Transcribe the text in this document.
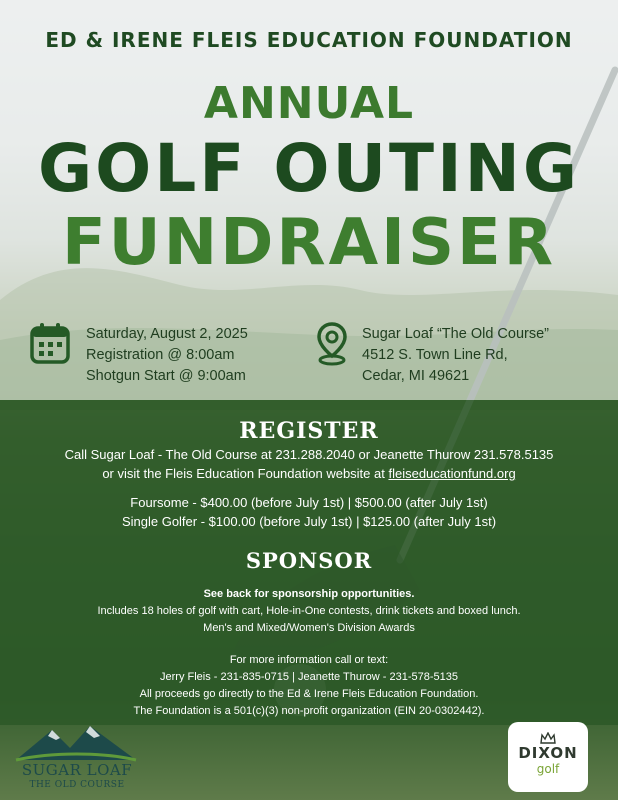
ED & IRENE FLEIS EDUCATION FOUNDATION
ANNUAL
GOLF OUTING
FUNDRAISER
Saturday, August 2, 2025
Registration @ 8:00am
Shotgun Start @ 9:00am
Sugar Loaf “The Old Course”
4512 S. Town Line Rd,
Cedar, MI 49621
REGISTER
Call Sugar Loaf - The Old Course at 231.288.2040 or Jeanette Thurow 231.578.5135
or visit the Fleis Education Foundation website at fleiseducationfund.org
Foursome - $400.00 (before July 1st) | $500.00 (after July 1st)
Single Golfer - $100.00 (before July 1st) | $125.00 (after July 1st)
SPONSOR
See back for sponsorship opportunities.
Includes 18 holes of golf with cart, Hole-in-One contests, drink tickets and boxed lunch.
Men's and Mixed/Women's Division Awards
For more information call or text:
Jerry Fleis - 231-835-0715 | Jeanette Thurow - 231-578-5135
All proceeds go directly to the Ed & Irene Fleis Education Foundation.
The Foundation is a 501(c)(3) non-profit organization (EIN 20-0302442).
SUGAR LOAF
THE OLD COURSE
DIXON
golf
